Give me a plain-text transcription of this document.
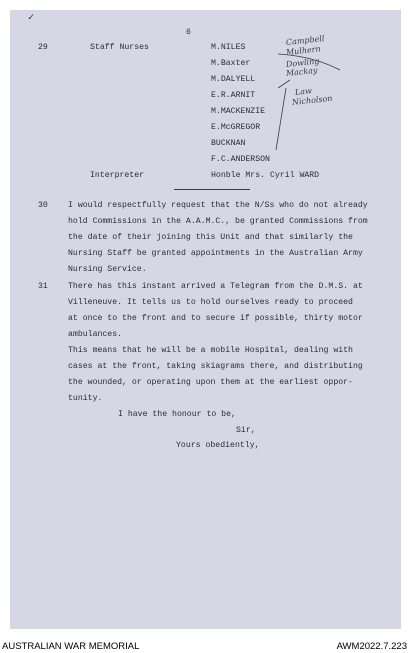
✓
6
29	Staff Nurses	M.NILES
M.Baxter
M.DALYELL
E.R.ARNIT
M.MACKENZIE
E.McGREGOR
BUCKNAN
F.C.ANDERSON
Interpreter	Honble Mrs. Cyril WARD
Campbell
Mulhern
Dowling
Mackay
Law
Nicholson
30 I would respectfully request that the N/Ss who do not already
hold Commissions in the A.A.M.C., be granted Commissions from
the date of their joining this Unit and that similarly the
Nursing Staff be granted appointments in the Australian Army
Nursing Service.
31 There has this instant arrived a Telegram from the D.M.S. at
Villeneuve. It tells us to hold ourselves ready to proceed
at once to the front and to secure if possible, thirty motor
ambulances.
This means that he will be a mobile Hospital, dealing with
cases at the front, taking skiagrams there, and distributing
the wounded, or operating upon them at the earliest oppor-
tunity.
I have the honour to be,
Sir,
Yours obediently,
AUSTRALIAN WAR MEMORIAL	AWM2022.7.223
